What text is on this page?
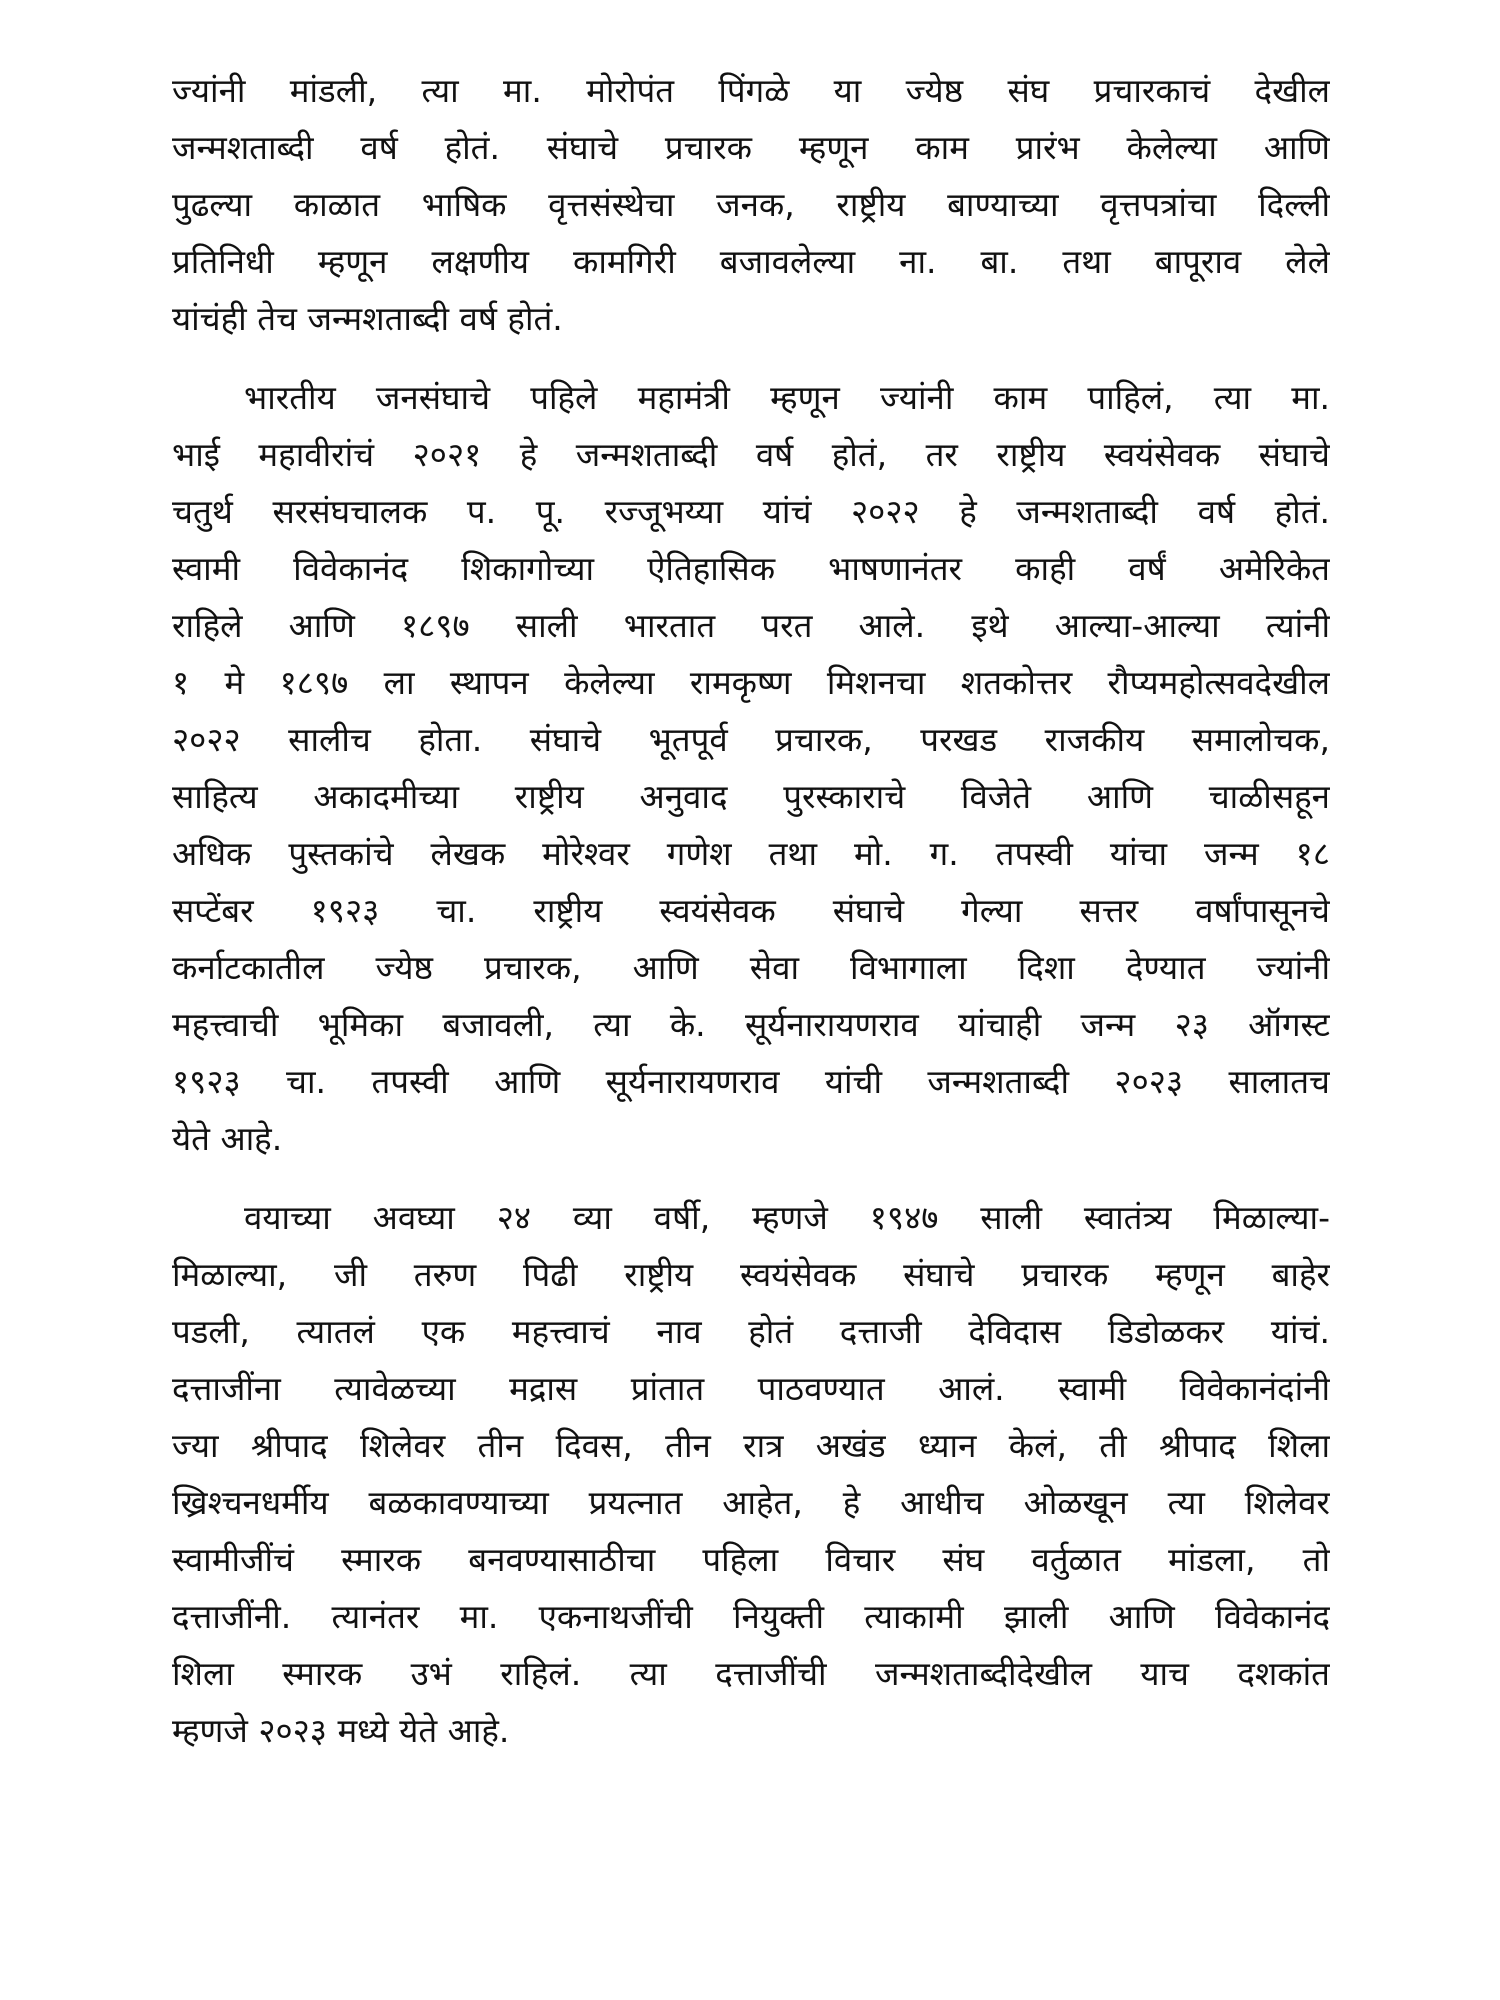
ज्यांनी मांडली, त्या मा. मोरोपंत पिंगळे या ज्येष्ठ संघ प्रचारकाचं देखील
जन्मशताब्दी वर्ष होतं. संघाचे प्रचारक म्हणून काम प्रारंभ केलेल्या आणि
पुढल्या काळात भाषिक वृत्तसंस्थेचा जनक, राष्ट्रीय बाण्याच्या वृत्तपत्रांचा दिल्ली
प्रतिनिधी म्हणून लक्षणीय कामगिरी बजावलेल्या ना. बा. तथा बापूराव लेले
यांचंही तेच जन्मशताब्दी वर्ष होतं.
भारतीय जनसंघाचे पहिले महामंत्री म्हणून ज्यांनी काम पाहिलं, त्या मा.
भाई महावीरांचं २०२१ हे जन्मशताब्दी वर्ष होतं, तर राष्ट्रीय स्वयंसेवक संघाचे
चतुर्थ सरसंघचालक प. पू. रज्जूभय्या यांचं २०२२ हे जन्मशताब्दी वर्ष होतं.
स्वामी विवेकानंद शिकागोच्या ऐतिहासिक भाषणानंतर काही वर्षं अमेरिकेत
राहिले आणि १८९७ साली भारतात परत आले. इथे आल्या-आल्या त्यांनी
१ मे १८९७ ला स्थापन केलेल्या रामकृष्ण मिशनचा शतकोत्तर रौप्यमहोत्सवदेखील
२०२२ सालीच होता. संघाचे भूतपूर्व प्रचारक, परखड राजकीय समालोचक,
साहित्य अकादमीच्या राष्ट्रीय अनुवाद पुरस्काराचे विजेते आणि चाळीसहून
अधिक पुस्तकांचे लेखक मोरेश्वर गणेश तथा मो. ग. तपस्वी यांचा जन्म १८
सप्टेंबर १९२३ चा. राष्ट्रीय स्वयंसेवक संघाचे गेल्या सत्तर वर्षांपासूनचे
कर्नाटकातील ज्येष्ठ प्रचारक, आणि सेवा विभागाला दिशा देण्यात ज्यांनी
महत्त्वाची भूमिका बजावली, त्या के. सूर्यनारायणराव यांचाही जन्म २३ ऑगस्ट
१९२३ चा. तपस्वी आणि सूर्यनारायणराव यांची जन्मशताब्दी २०२३ सालातच
येते आहे.
वयाच्या अवघ्या २४ व्या वर्षी, म्हणजे १९४७ साली स्वातंत्र्य मिळाल्या-
मिळाल्या, जी तरुण पिढी राष्ट्रीय स्वयंसेवक संघाचे प्रचारक म्हणून बाहेर
पडली, त्यातलं एक महत्त्वाचं नाव होतं दत्ताजी देविदास डिडोळकर यांचं.
दत्ताजींना त्यावेळच्या मद्रास प्रांतात पाठवण्यात आलं. स्वामी विवेकानंदांनी
ज्या श्रीपाद शिलेवर तीन दिवस, तीन रात्र अखंड ध्यान केलं, ती श्रीपाद शिला
ख्रिश्चनधर्मीय बळकावण्याच्या प्रयत्नात आहेत, हे आधीच ओळखून त्या शिलेवर
स्वामीजींचं स्मारक बनवण्यासाठीचा पहिला विचार संघ वर्तुळात मांडला, तो
दत्ताजींनी. त्यानंतर मा. एकनाथजींची नियुक्ती त्याकामी झाली आणि विवेकानंद
शिला स्मारक उभं राहिलं. त्या दत्ताजींची जन्मशताब्दीदेखील याच दशकांत
म्हणजे २०२३ मध्ये येते आहे.
